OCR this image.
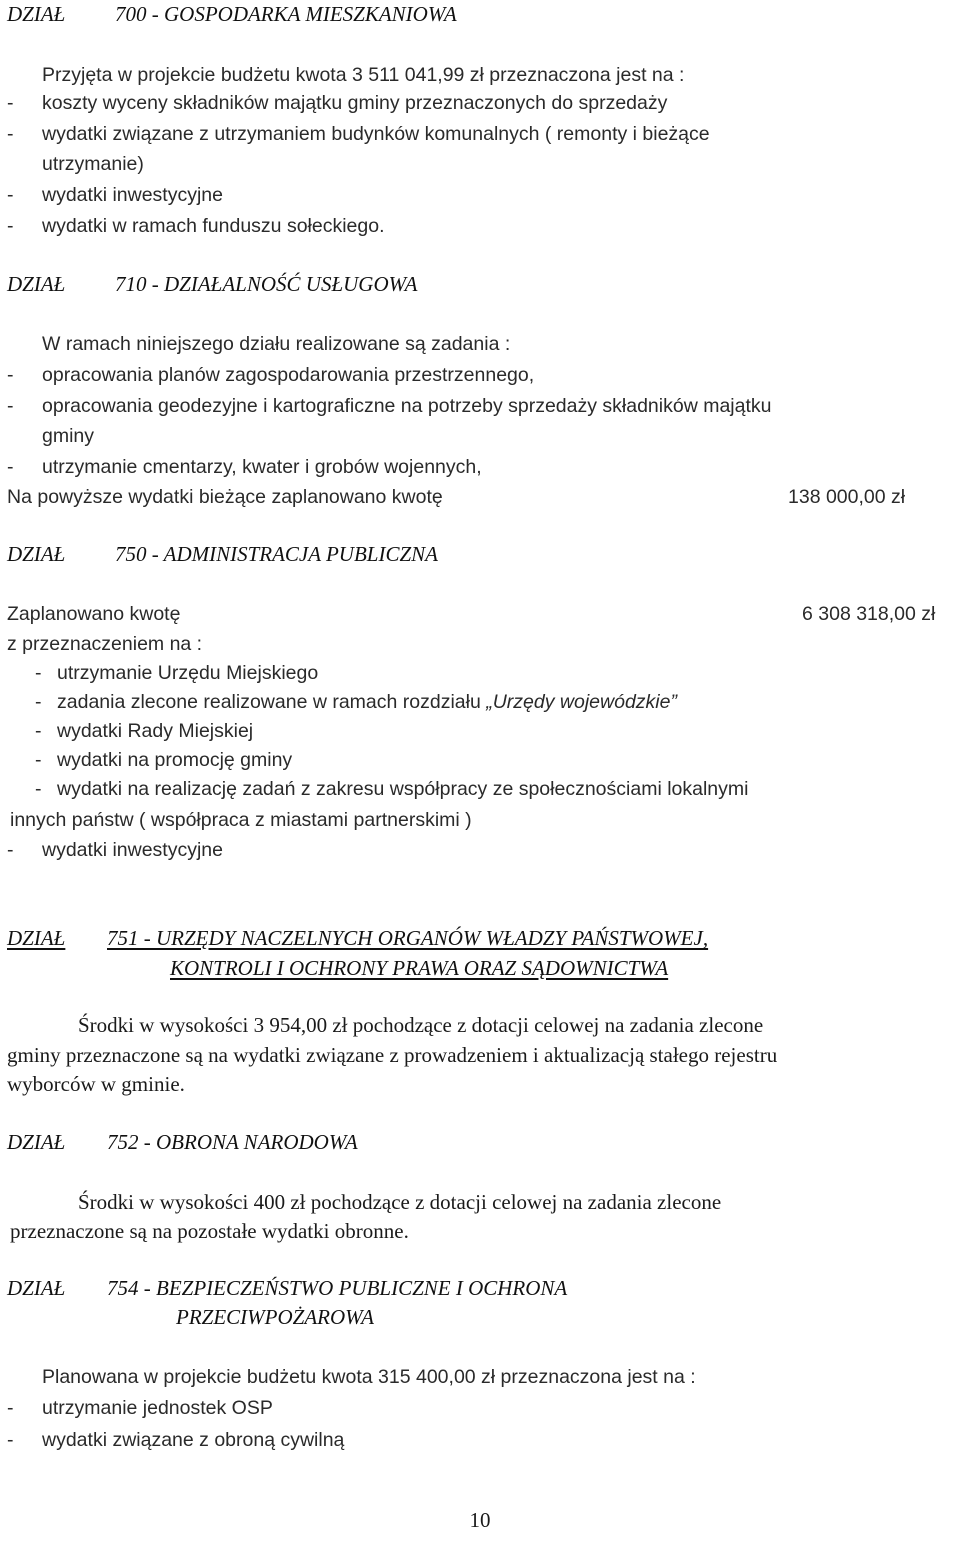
DZIAŁ 700 - GOSPODARKA MIESZKANIOWA
Przyjęta w projekcie budżetu kwota 3 511 041,99 zł przeznaczona jest na :
- koszty wyceny składników majątku gminy przeznaczonych do sprzedaży
- wydatki związane z utrzymaniem budynków komunalnych ( remonty i bieżące
utrzymanie)
- wydatki inwestycyjne
- wydatki w ramach funduszu sołeckiego.
DZIAŁ 710 - DZIAŁALNOŚĆ USŁUGOWA
W ramach niniejszego działu realizowane są zadania :
- opracowania planów zagospodarowania przestrzennego,
- opracowania geodezyjne i kartograficzne na potrzeby sprzedaży składników majątku
gminy
- utrzymanie cmentarzy, kwater i grobów wojennych,
Na powyższe wydatki bieżące zaplanowano kwotę	138 000,00 zł
DZIAŁ 750 - ADMINISTRACJA PUBLICZNA
Zaplanowano kwotę	6 308 318,00 zł
z przeznaczeniem na :
- utrzymanie Urzędu Miejskiego
- zadania zlecone realizowane w ramach rozdziału „Urzędy wojewódzkie”
- wydatki Rady Miejskiej
- wydatki na promocję gminy
- wydatki na realizację zadań z zakresu współpracy ze społecznościami lokalnymi
innych państw ( współpraca z miastami partnerskimi )
- wydatki inwestycyjne
DZIAŁ 751 - URZĘDY NACZELNYCH ORGANÓW WŁADZY PAŃSTWOWEJ,
KONTROLI I OCHRONY PRAWA ORAZ SĄDOWNICTWA
Środki w wysokości 3 954,00 zł pochodzące z dotacji celowej na zadania zlecone
gminy przeznaczone są na wydatki związane z prowadzeniem i aktualizacją stałego rejestru
wyborców w gminie.
DZIAŁ 752 - OBRONA NARODOWA
Środki w wysokości 400 zł pochodzące z dotacji celowej na zadania zlecone
przeznaczone są na pozostałe wydatki obronne.
DZIAŁ 754 - BEZPIECZEŃSTWO PUBLICZNE I OCHRONA
PRZECIWPOŻAROWA
Planowana w projekcie budżetu kwota 315 400,00 zł przeznaczona jest na :
- utrzymanie jednostek OSP
- wydatki związane z obroną cywilną
10
